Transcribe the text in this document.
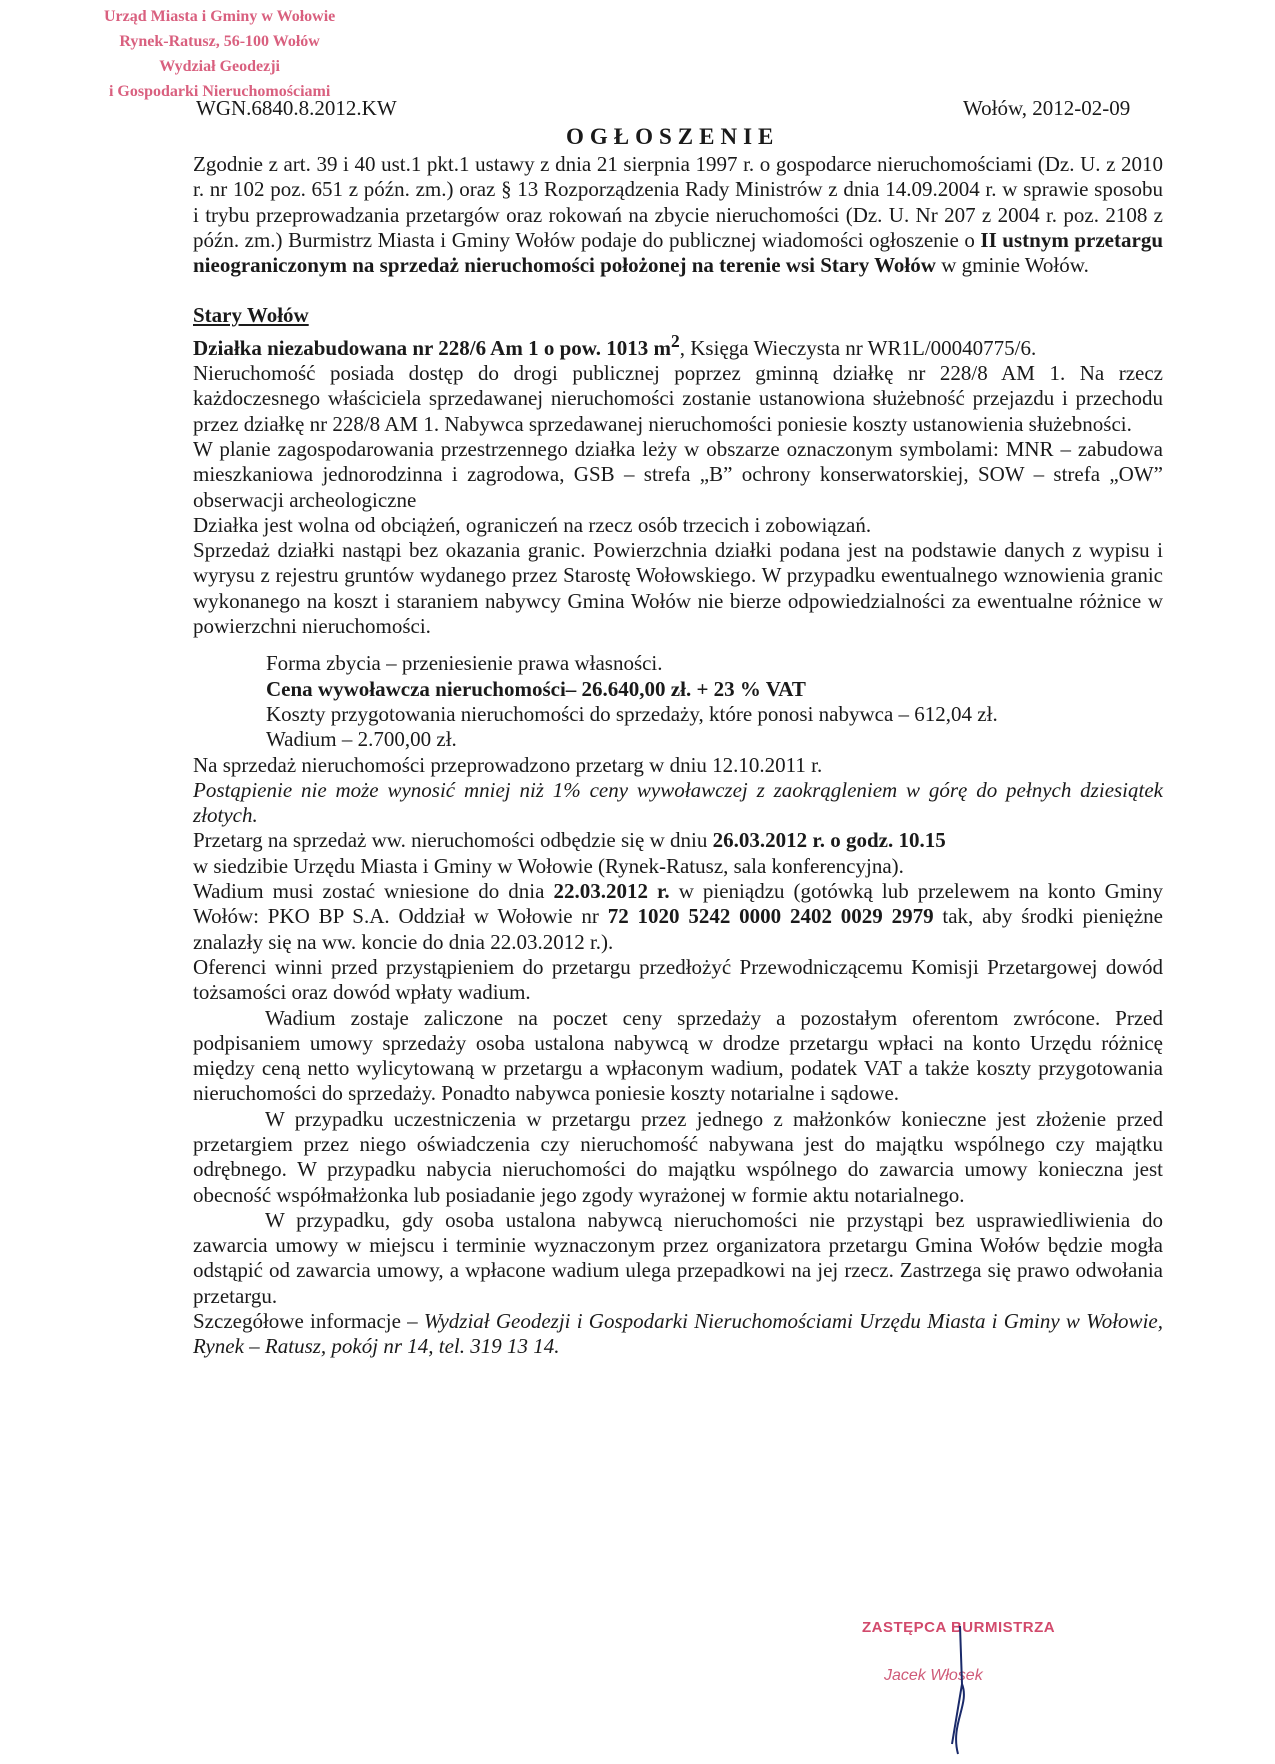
Urząd Miasta i Gminy w Wołowie
Rynek-Ratusz, 56-100 Wołów
Wydział Geodezji
i Gospodarki Nieruchomościami
WGN.6840.8.2012.KW	Wołów, 2012-02-09
OGŁOSZENIE

Zgodnie z art. 39 i 40 ust.1 pkt.1 ustawy z dnia 21 sierpnia 1997 r. o gospodarce nieruchomościami (Dz. U. z 2010 r. nr 102 poz. 651 z późn. zm.) oraz § 13 Rozporządzenia Rady Ministrów z dnia 14.09.2004 r. w sprawie sposobu i trybu przeprowadzania przetargów oraz rokowań na zbycie nieruchomości (Dz. U. Nr 207 z 2004 r. poz. 2108 z późn. zm.) Burmistrz Miasta i Gminy Wołów podaje do publicznej wiadomości ogłoszenie o II ustnym przetargu nieograniczonym na sprzedaż nieruchomości położonej na terenie wsi Stary Wołów w gminie Wołów.

Stary Wołów

Działka niezabudowana nr 228/6 Am 1 o pow. 1013 $m^2$, Księga Wieczysta nr WR1L/00040775/6.

Nieruchomość posiada dostęp do drogi publicznej poprzez gminną działkę nr 228/8 AM 1. Na rzecz każdoczesnego właściciela sprzedawanej nieruchomości zostanie ustanowiona służebność przejazdu i przechodu przez działkę nr 228/8 AM 1. Nabywca sprzedawanej nieruchomości poniesie koszty ustanowienia służebności.

W planie zagospodarowania przestrzennego działka leży w obszarze oznaczonym symbolami: MNR – zabudowa mieszkaniowa jednorodzinna i zagrodowa, GSB – strefa „B” ochrony konserwatorskiej, SOW – strefa „OW” obserwacji archeologiczne

Działka jest wolna od obciążeń, ograniczeń na rzecz osób trzecich i zobowiązań.

Sprzedaż działki nastąpi bez okazania granic. Powierzchnia działki podana jest na podstawie danych z wypisu i wyrysu z rejestru gruntów wydanego przez Starostę Wołowskiego. W przypadku ewentualnego wznowienia granic wykonanego na koszt i staraniem nabywcy Gmina Wołów nie bierze odpowiedzialności za ewentualne różnice w powierzchni nieruchomości.

Forma zbycia – przeniesienie prawa własności.

Cena wywoławcza nieruchomości– 26.640,00 zł. + 23 % VAT

Koszty przygotowania nieruchomości do sprzedaży, które ponosi nabywca – 612,04 zł.

Wadium – 2.700,00 zł.

Na sprzedaż nieruchomości przeprowadzono przetarg w dniu 12.10.2011 r.

Postąpienie nie może wynosić mniej niż 1% ceny wywoławczej z zaokrągleniem w górę do pełnych dziesiątek złotych.

Przetarg na sprzedaż ww. nieruchomości odbędzie się w dniu 26.03.2012 r. o godz. 10.15

w siedzibie Urzędu Miasta i Gminy w Wołowie (Rynek-Ratusz, sala konferencyjna).

Wadium musi zostać wniesione do dnia 22.03.2012 r. w pieniądzu (gotówką lub przelewem na konto Gminy Wołów: PKO BP S.A. Oddział w Wołowie nr 72 1020 5242 0000 2402 0029 2979 tak, aby środki pieniężne znalazły się na ww. koncie do dnia 22.03.2012 r.).

Oferenci winni przed przystąpieniem do przetargu przedłożyć Przewodniczącemu Komisji Przetargowej dowód tożsamości oraz dowód wpłaty wadium.

Wadium zostaje zaliczone na poczet ceny sprzedaży a pozostałym oferentom zwrócone. Przed podpisaniem umowy sprzedaży osoba ustalona nabywcą w drodze przetargu wpłaci na konto Urzędu różnicę między ceną netto wylicytowaną w przetargu a wpłaconym wadium, podatek VAT a także koszty przygotowania nieruchomości do sprzedaży. Ponadto nabywca poniesie koszty notarialne i sądowe.

W przypadku uczestniczenia w przetargu przez jednego z małżonków konieczne jest złożenie przed przetargiem przez niego oświadczenia czy nieruchomość nabywana jest do majątku wspólnego czy majątku odrębnego. W przypadku nabycia nieruchomości do majątku wspólnego do zawarcia umowy konieczna jest obecność współmałżonka lub posiadanie jego zgody wyrażonej w formie aktu notarialnego.

W przypadku, gdy osoba ustalona nabywcą nieruchomości nie przystąpi bez usprawiedliwienia do zawarcia umowy w miejscu i terminie wyznaczonym przez organizatora przetargu Gmina Wołów będzie mogła odstąpić od zawarcia umowy, a wpłacone wadium ulega przepadkowi na jej rzecz. Zastrzega się prawo odwołania przetargu.

Szczegółowe informacje – Wydział Geodezji i Gospodarki Nieruchomościami Urzędu Miasta i Gminy w Wołowie, Rynek – Ratusz, pokój nr 14, tel. 319 13 14.

ZASTĘPCA BURMISTRZA
Jacek Włosek
